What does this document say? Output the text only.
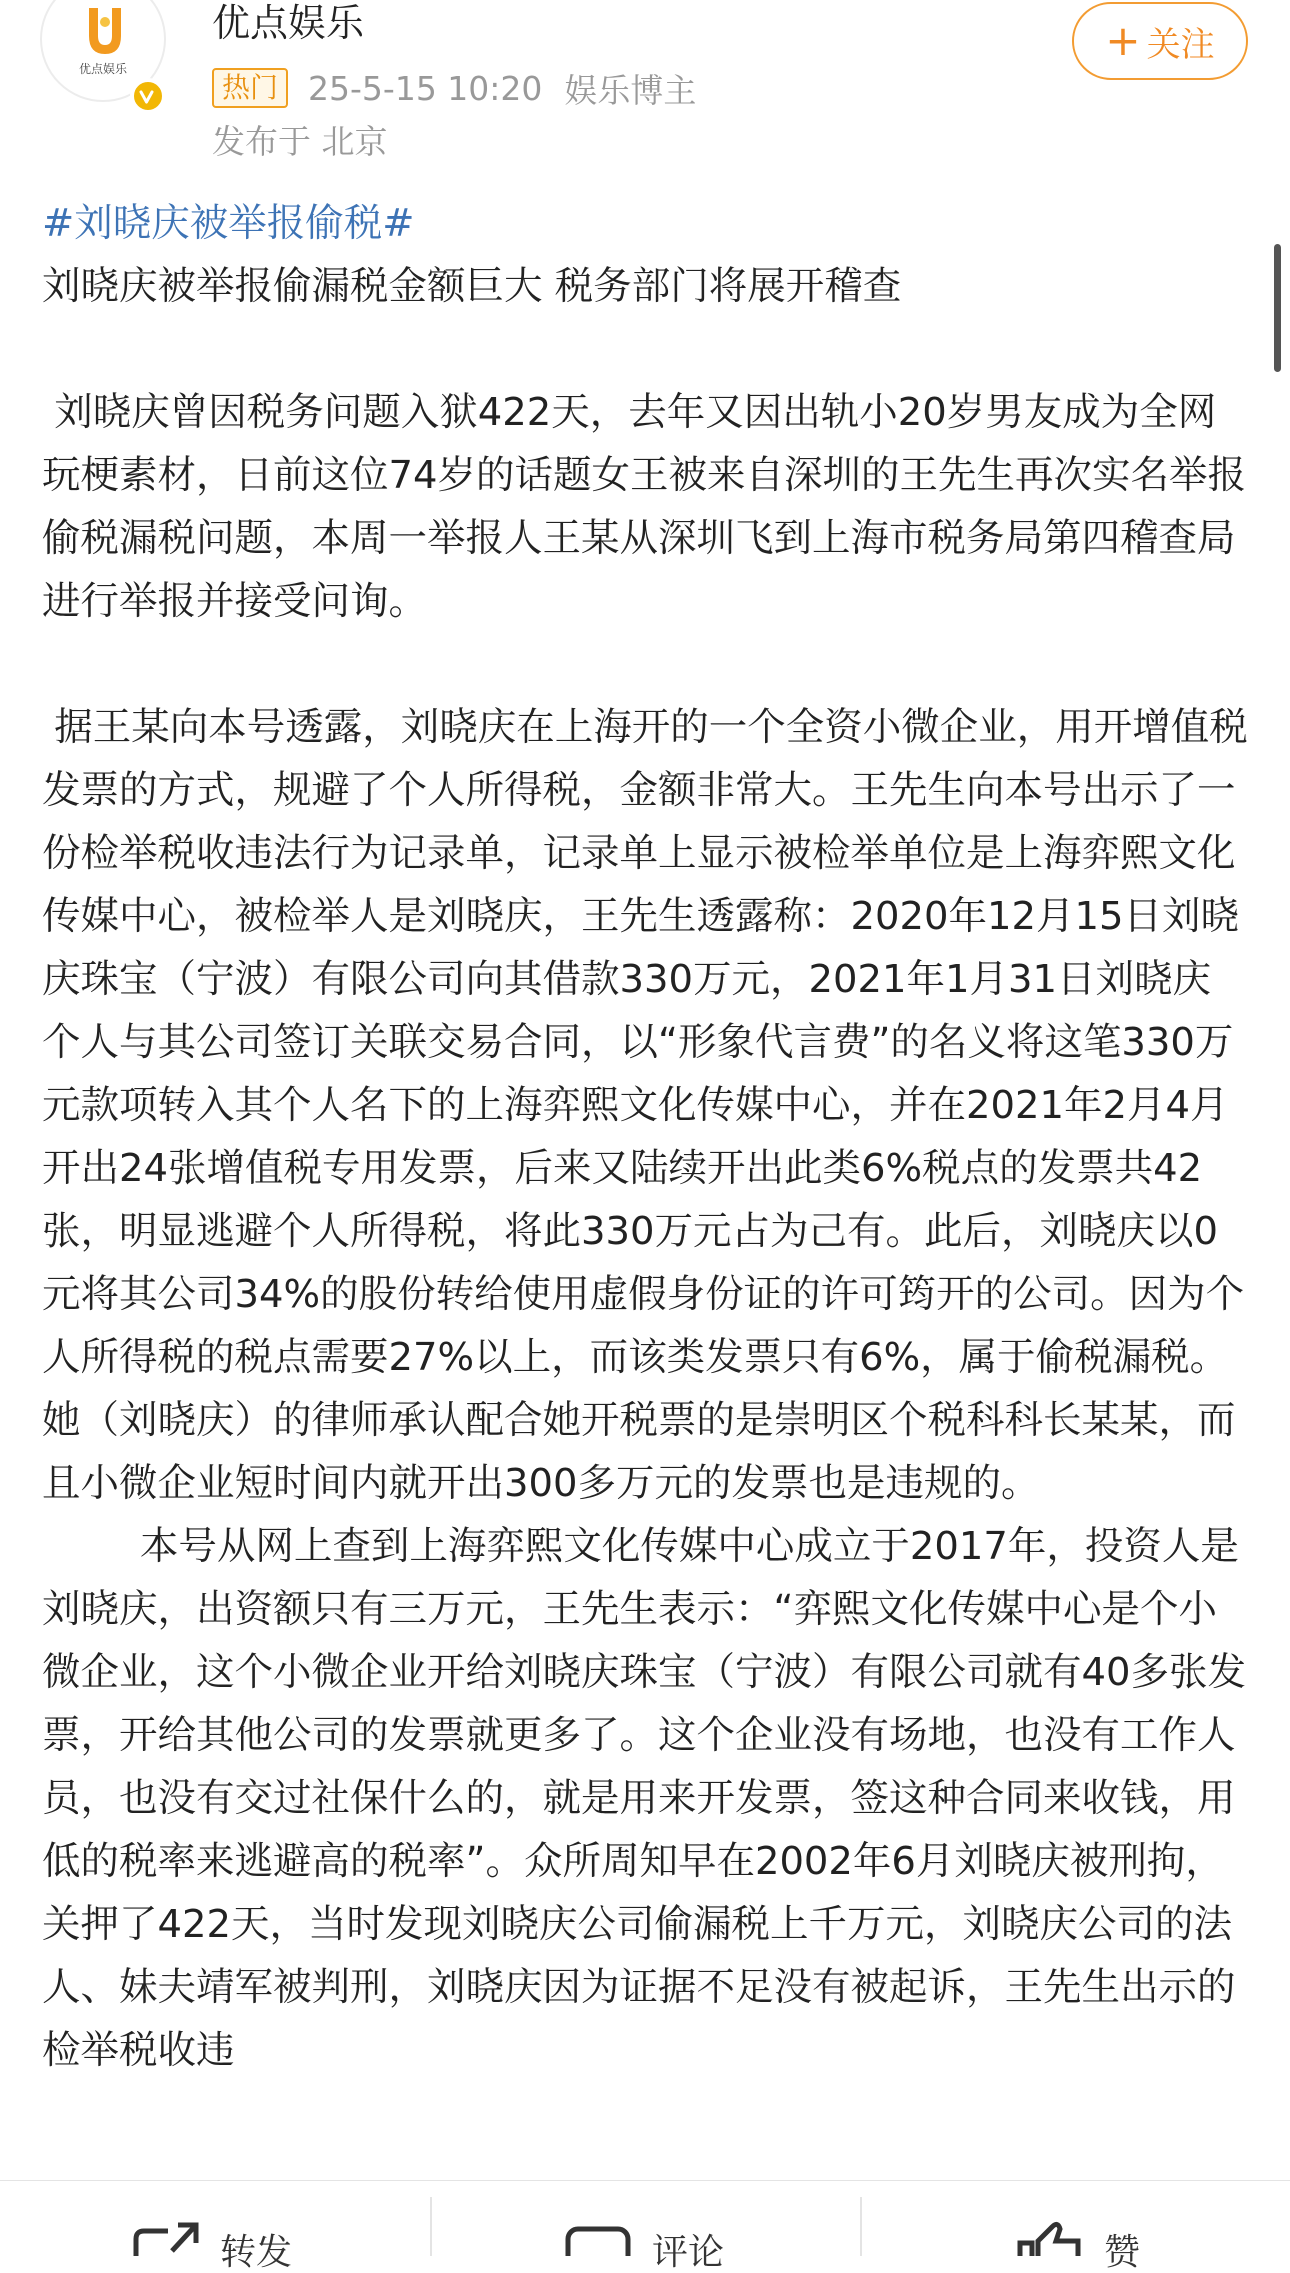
优点娱乐
优点娱乐
热门 25-5-15 10:20 娱乐博主
发布于 北京
+ 关注

#刘晓庆被举报偷税#

刘晓庆被举报偷漏税金额巨大 税务部门将展开稽查

刘晓庆曾因税务问题入狱422天，去年又因出轨小20岁男友成为全网玩梗素材，日前这位74岁的话题女王被来自深圳的王先生再次实名举报偷税漏税问题，本周一举报人王某从深圳飞到上海市税务局第四稽查局进行举报并接受问询。

据王某向本号透露，刘晓庆在上海开的一个全资小微企业，用开增值税发票的方式，规避了个人所得税，金额非常大。王先生向本号出示了一份检举税收违法行为记录单，记录单上显示被检举单位是上海弈熙文化传媒中心，被检举人是刘晓庆，王先生透露称：2020年12月15日刘晓庆珠宝（宁波）有限公司向其借款330万元，2021年1月31日刘晓庆个人与其公司签订关联交易合同，以“形象代言费”的名义将这笔330万元款项转入其个人名下的上海弈熙文化传媒中心，并在2021年2月4月开出24张增值税专用发票，后来又陆续开出此类6%税点的发票共42张，明显逃避个人所得税，将此330万元占为己有。此后，刘晓庆以0元将其公司34%的股份转给使用虚假身份证的许可筠开的公司。因为个人所得税的税点需要27%以上，而该类发票只有6%，属于偷税漏税。她（刘晓庆）的律师承认配合她开税票的是崇明区个税科科长某某，而且小微企业短时间内就开出300多万元的发票也是违规的。

本号从网上查到上海弈熙文化传媒中心成立于2017年，投资人是刘晓庆，出资额只有三万元，王先生表示：“弈熙文化传媒中心是个小微企业，这个小微企业开给刘晓庆珠宝（宁波）有限公司就有40多张发票，开给其他公司的发票就更多了。这个企业没有场地，也没有工作人员，也没有交过社保什么的，就是用来开发票，签这种合同来收钱，用低的税率来逃避高的税率”。众所周知早在2002年6月刘晓庆被刑拘，关押了422天，当时发现刘晓庆公司偷漏税上千万元，刘晓庆公司的法人、妹夫靖军被判刑，刘晓庆因为证据不足没有被起诉，王先生出示的检举税收违

转发	评论	赞
